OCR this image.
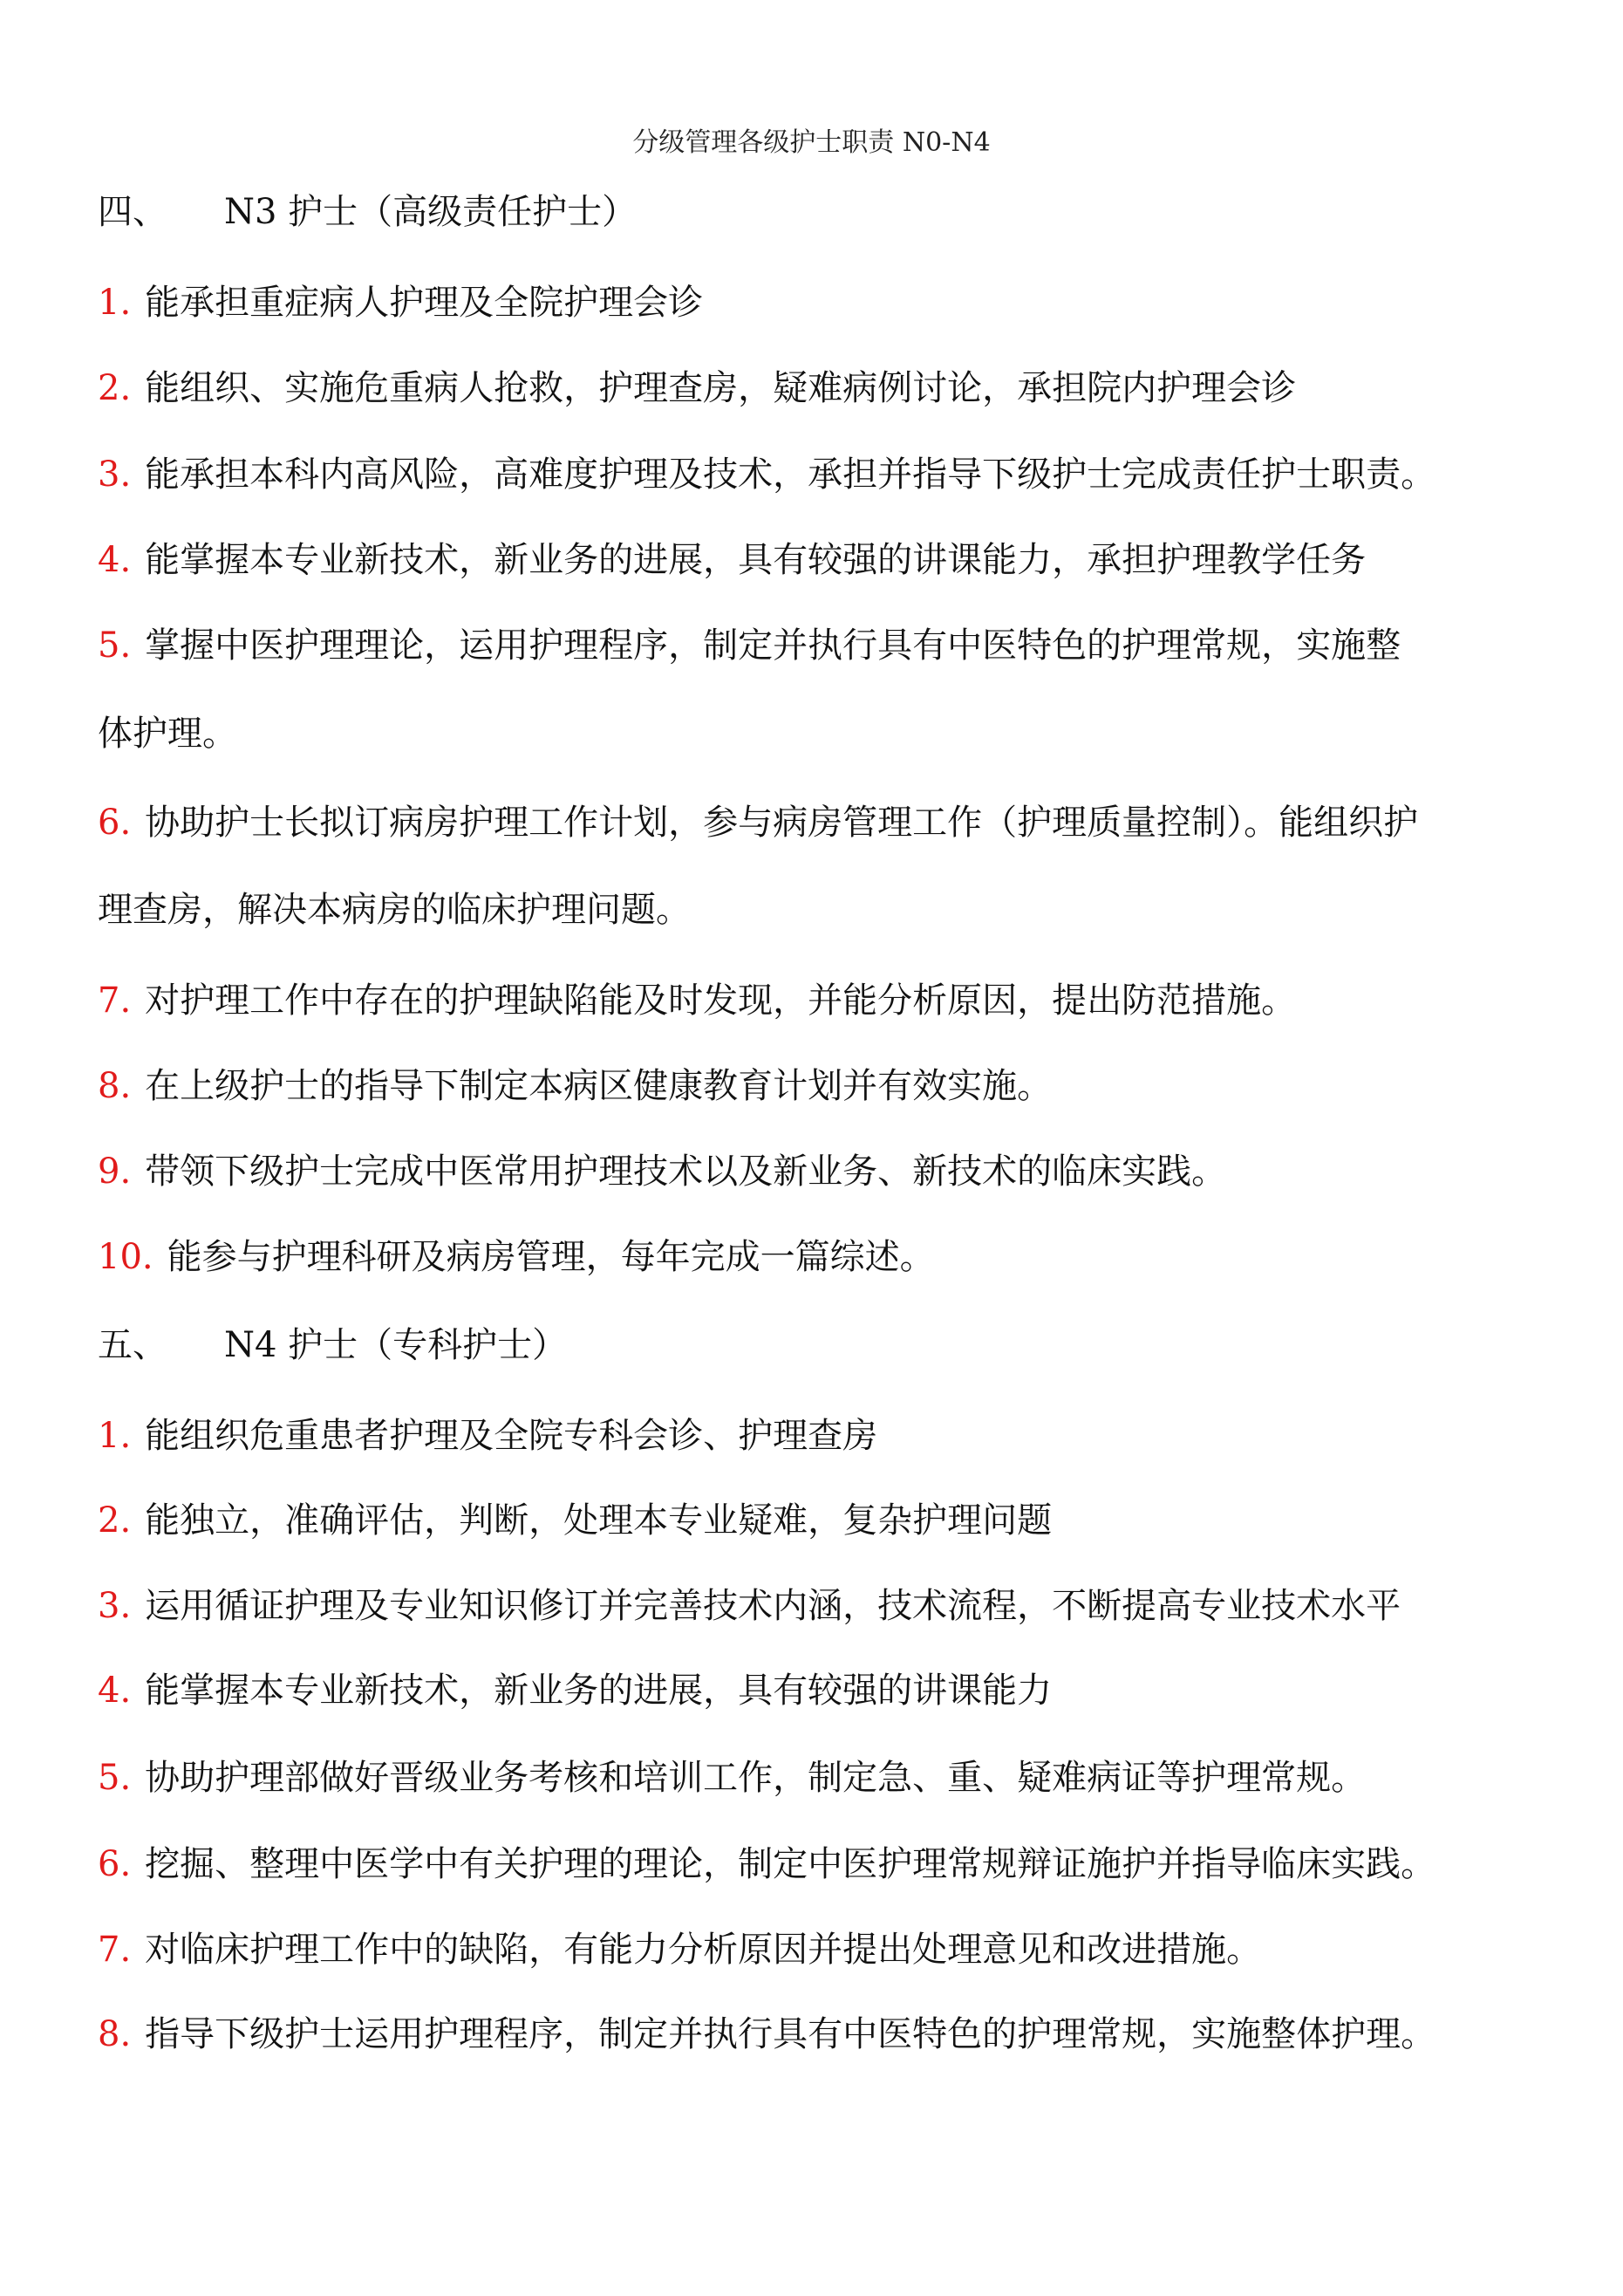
分级管理各级护士职责 N0-N4
四、 N3 护士（高级责任护士）
1. 能承担重症病人护理及全院护理会诊
2. 能组织、实施危重病人抢救，护理查房，疑难病例讨论，承担院内护理会诊
3. 能承担本科内高风险，高难度护理及技术，承担并指导下级护士完成责任护士职责。
4. 能掌握本专业新技术，新业务的进展，具有较强的讲课能力，承担护理教学任务
5. 掌握中医护理理论，运用护理程序，制定并执行具有中医特色的护理常规，实施整
体护理。
6. 协助护士长拟订病房护理工作计划，参与病房管理工作（护理质量控制）。能组织护
理查房，解决本病房的临床护理问题。
7. 对护理工作中存在的护理缺陷能及时发现，并能分析原因，提出防范措施。
8. 在上级护士的指导下制定本病区健康教育计划并有效实施。
9. 带领下级护士完成中医常用护理技术以及新业务、新技术的临床实践。
10. 能参与护理科研及病房管理，每年完成一篇综述。
五、 N4 护士（专科护士）
1. 能组织危重患者护理及全院专科会诊、护理查房
2. 能独立，准确评估，判断，处理本专业疑难，复杂护理问题
3. 运用循证护理及专业知识修订并完善技术内涵，技术流程，不断提高专业技术水平
4. 能掌握本专业新技术，新业务的进展，具有较强的讲课能力
5. 协助护理部做好晋级业务考核和培训工作，制定急、重、疑难病证等护理常规。
6. 挖掘、整理中医学中有关护理的理论，制定中医护理常规辩证施护并指导临床实践。
7. 对临床护理工作中的缺陷，有能力分析原因并提出处理意见和改进措施。
8. 指导下级护士运用护理程序，制定并执行具有中医特色的护理常规，实施整体护理。
